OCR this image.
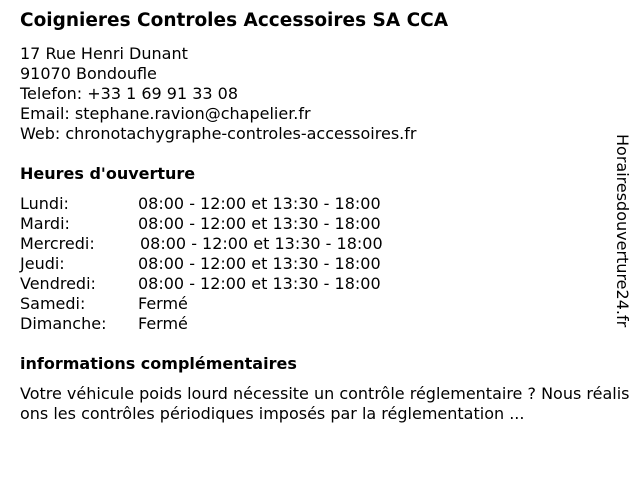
Coignieres Controles Accessoires SA CCA
17 Rue Henri Dunant
91070 Bondoufle
Telefon: +33 1 69 91 33 08
Email: stephane.ravion@chapelier.fr
Web: chronotachygraphe-controles-accessoires.fr
Heures d'ouverture
Lundi:	08:00 - 12:00 et 13:30 - 18:00
Mardi:	08:00 - 12:00 et 13:30 - 18:00
Mercredi:	08:00 - 12:00 et 13:30 - 18:00
Jeudi:	08:00 - 12:00 et 13:30 - 18:00
Vendredi:	08:00 - 12:00 et 13:30 - 18:00
Samedi:	Fermé
Dimanche: Fermé
informations complémentaires
Votre véhicule poids lourd nécessite un contrôle réglementaire ? Nous réalisons les contrôles périodiques imposés par la réglementation ...
Horairesdouverture24.fr
